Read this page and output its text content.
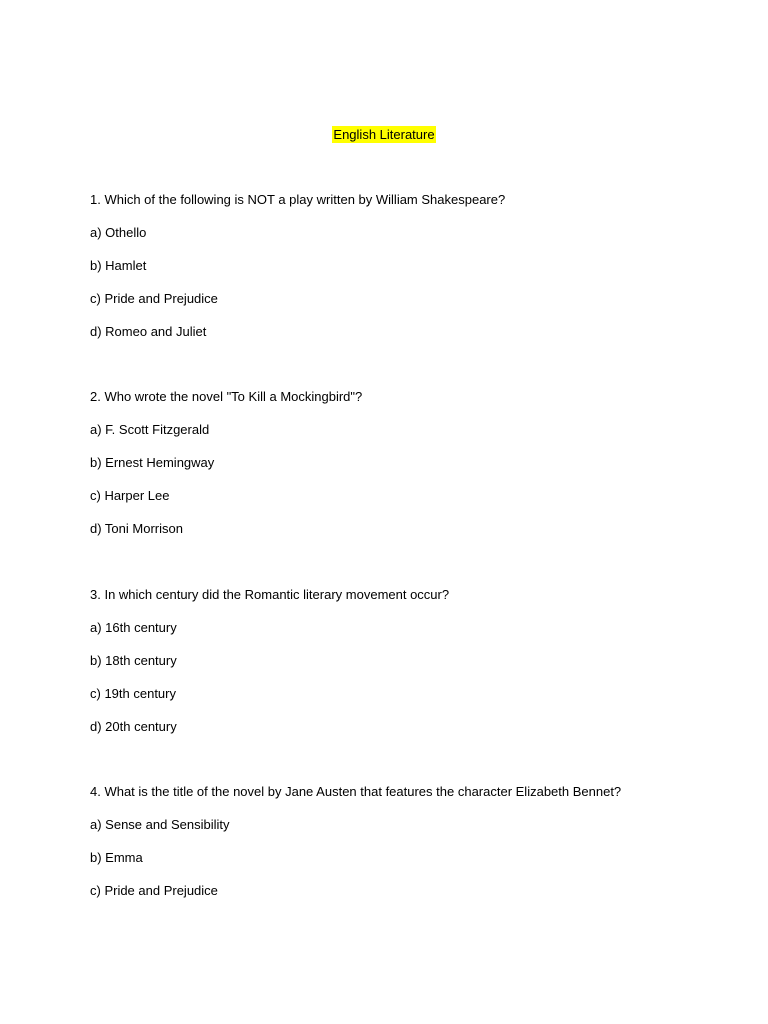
English Literature
1. Which of the following is NOT a play written by William Shakespeare?
a) Othello
b) Hamlet
c) Pride and Prejudice
d) Romeo and Juliet
2. Who wrote the novel "To Kill a Mockingbird"?
a) F. Scott Fitzgerald
b) Ernest Hemingway
c) Harper Lee
d) Toni Morrison
3. In which century did the Romantic literary movement occur?
a) 16th century
b) 18th century
c) 19th century
d) 20th century
4. What is the title of the novel by Jane Austen that features the character Elizabeth Bennet?
a) Sense and Sensibility
b) Emma
c) Pride and Prejudice
